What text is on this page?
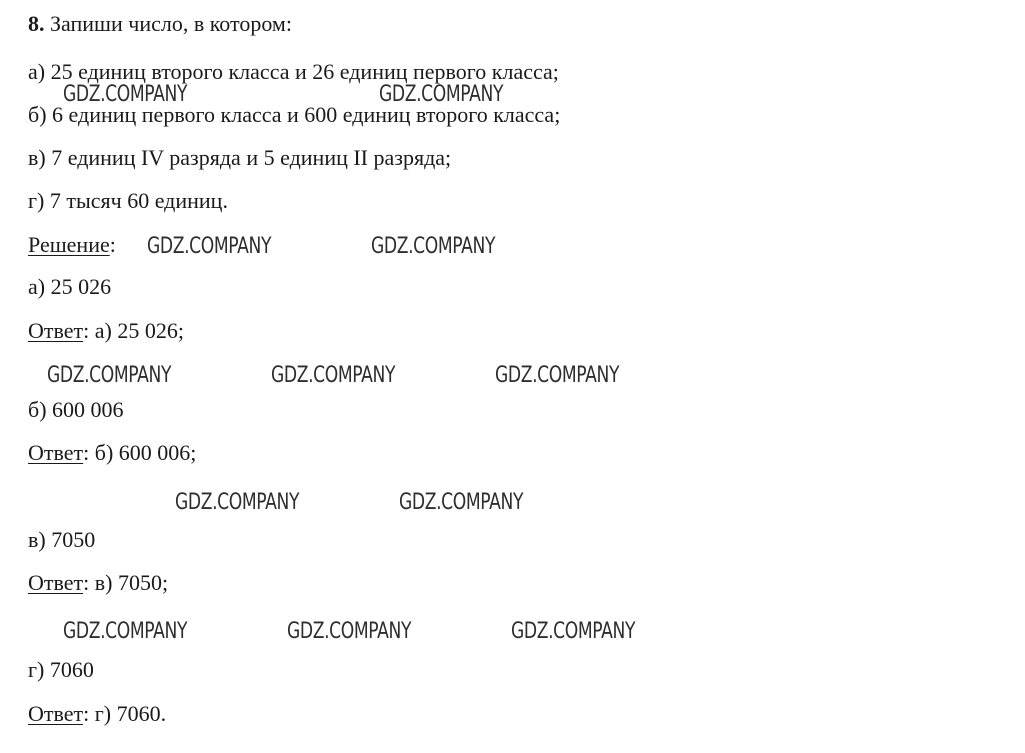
8. Запиши число, в котором:
а) 25 единиц второго класса и 26 единиц первого класса;
б) 6 единиц первого класса и 600 единиц второго класса;
в) 7 единиц IV разряда и 5 единиц II разряда;
г) 7 тысяч 60 единиц.
Решение:
а) 25 026
Ответ: а) 25 026;
б) 600 006
Ответ: б) 600 006;
в) 7050
Ответ: в) 7050;
г) 7060
Ответ: г) 7060.
GDZ.COMPANY	GDZ.COMPANY
GDZ.COMPANY	GDZ.COMPANY
GDZ.COMPANY	GDZ.COMPANY	GDZ.COMPANY
GDZ.COMPANY	GDZ.COMPANY
GDZ.COMPANY	GDZ.COMPANY	GDZ.COMPANY
